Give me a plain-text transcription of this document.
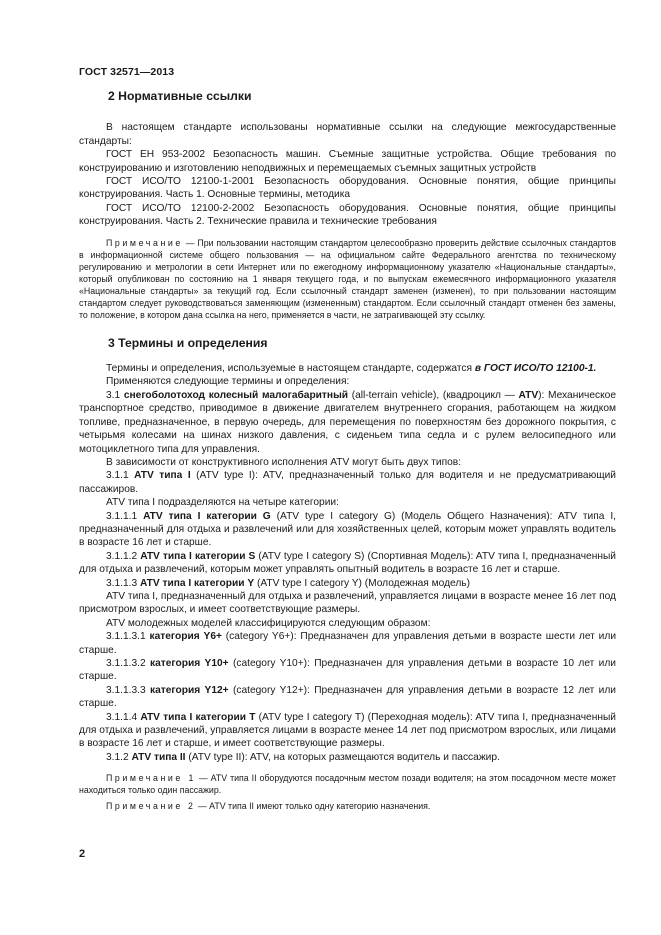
ГОСТ 32571—2013
2 Нормативные ссылки

В настоящем стандарте использованы нормативные ссылки на следующие межгосударственные стандарты:

ГОСТ ЕН 953-2002 Безопасность машин. Съемные защитные устройства. Общие требования по конструированию и изготовлению неподвижных и перемещаемых съемных защитных устройств

ГОСТ ИСО/ТО 12100-1-2001 Безопасность оборудования. Основные понятия, общие принципы конструирования. Часть 1. Основные термины, методика

ГОСТ ИСО/ТО 12100-2-2002 Безопасность оборудования. Основные понятия, общие принципы конструирования. Часть 2. Технические правила и технические требования

Примечание — При пользовании настоящим стандартом целесообразно проверить действие ссылочных стандартов в информационной системе общего пользования — на официальном сайте Федерального агентства по техническому регулированию и метрологии в сети Интернет или по ежегодному информационному указателю «Национальные стандарты», который опубликован по состоянию на 1 января текущего года, и по выпускам ежемесячного информационного указателя «Национальные стандарты» за текущий год. Если ссылочный стандарт заменен (изменен), то при пользовании настоящим стандартом следует руководствоваться заменяющим (измененным) стандартом. Если ссылочный стандарт отменен без замены, то положение, в котором дана ссылка на него, применяется в части, не затрагивающей эту ссылку.

3 Термины и определения

Термины и определения, используемые в настоящем стандарте, содержатся в ГОСТ ИСО/ТО 12100-1.

Применяются следующие термины и определения:

3.1 снегоболотоход колесный малогабаритный (all-terrain vehicle), (квадроцикл — ATV): Механическое транспортное средство, приводимое в движение двигателем внутреннего сгорания, работающем на жидком топливе, предназначенное, в первую очередь, для перемещения по поверхностям без дорожного покрытия, с четырьмя колесами на шинах низкого давления, с сиденьем типа седла и с рулем велосипедного или мотоциклетного типа для управления.

В зависимости от конструктивного исполнения ATV могут быть двух типов:

3.1.1 ATV типа I (ATV type I): ATV, предназначенный только для водителя и не предусматривающий пассажиров.

ATV типа I подразделяются на четыре категории:

3.1.1.1 ATV типа I категории G (ATV type I category G) (Модель Общего Назначения): ATV типа I, предназначенный для отдыха и развлечений или для хозяйственных целей, которым может управлять водитель в возрасте 16 лет и старше.

3.1.1.2 ATV типа I категории S (ATV type I category S) (Спортивная Модель): ATV типа I, предназначенный для отдыха и развлечений, которым может управлять опытный водитель в возрасте 16 лет и старше.

3.1.1.3 ATV типа I категории Y (ATV type I category Y) (Молодежная модель)

ATV типа I, предназначенный для отдыха и развлечений, управляется лицами в возрасте менее 16 лет под присмотром взрослых, и имеет соответствующие размеры.

ATV молодежных моделей классифицируются следующим образом:

3.1.1.3.1 категория Y6+ (category Y6+): Предназначен для управления детьми в возрасте шести лет или старше.

3.1.1.3.2 категория Y10+ (category Y10+): Предназначен для управления детьми в возрасте 10 лет или старше.

3.1.1.3.3 категория Y12+ (category Y12+): Предназначен для управления детьми в возрасте 12 лет или старше.

3.1.1.4 ATV типа I категории T (ATV type I category T) (Переходная модель): ATV типа I, предназначенный для отдыха и развлечений, управляется лицами в возрасте менее 14 лет под присмотром взрослых, или лицами в возрасте 16 лет и старше, и имеет соответствующие размеры.

3.1.2 ATV типа II (ATV type II): ATV, на которых размещаются водитель и пассажир.

Примечание 1 — ATV типа II оборудуются посадочным местом позади водителя; на этом посадочном месте может находиться только один пассажир.

Примечание 2 — ATV типа II имеют только одну категорию назначения.

2
